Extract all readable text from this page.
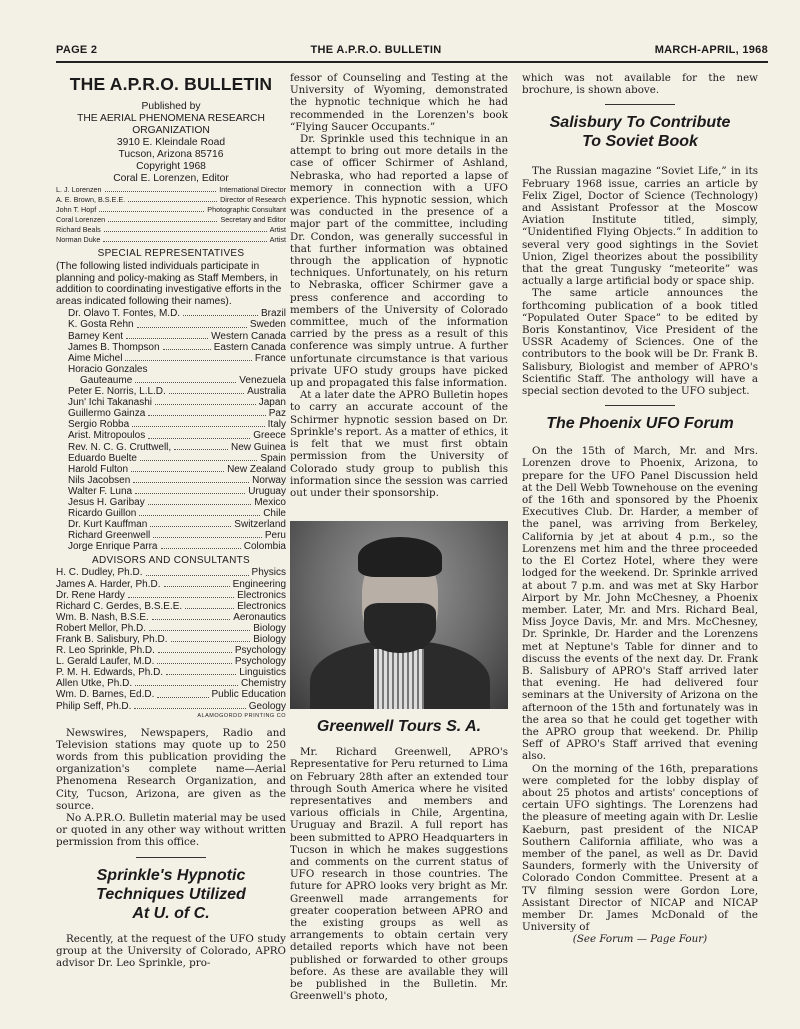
PAGE 2	THE A.P.R.O. BULLETIN	MARCH-APRIL, 1968
THE A.P.R.O. BULLETIN
Published by
THE AERIAL PHENOMENA RESEARCH
ORGANIZATION
3910 E. Kleindale Road
Tucson, Arizona 85716
Copyright 1968
Coral E. Lorenzen, Editor
L. J. Lorenzen	International Director
A. E. Brown, B.S.E.E.	Director of Research
John T. Hopf	Photographic Consultant
Coral Lorenzen	Secretary and Editor
Richard Beals	Artist
Norman Duke	Artist
SPECIAL REPRESENTATIVES
(The following listed individuals participate in planning and policy-making as Staff Members, in addition to coordinating investigative efforts in the areas indicated following their names).
Dr. Olavo T. Fontes, M.D.	Brazil
K. Gosta Rehn	Sweden
Barney Kent	Western Canada
James B. Thompson	Eastern Canada
Aime Michel	France
Horacio Gonzales
Gauteaume	Venezuela
Peter E. Norris, L.L.D.	Australia
Jun' Ichi Takanashi	Japan
Guillermo Gainza	Paz
Sergio Robba	Italy
Arist. Mitropoulos	Greece
Rev. N. C. G. Cruttwell,	New Guinea
Eduardo Buelte	Spain
Harold Fulton	New Zealand
Nils Jacobsen	Norway
Walter F. Luna	Uruguay
Jesus H. Garibay	Mexico
Ricardo Guillon	Chile
Dr. Kurt Kauffman	Switzerland
Richard Greenwell	Peru
Jorge Enrique Parra	Colombia
ADVISORS AND CONSULTANTS
H. C. Dudley, Ph.D.	Physics
James A. Harder, Ph.D.	Engineering
Dr. Rene Hardy	Electronics
Richard C. Gerdes, B.S.E.E.	Electronics
Wm. B. Nash, B.S.E.	Aeronautics
Robert Mellor, Ph.D.	Biology
Frank B. Salisbury, Ph.D.	Biology
R. Leo Sprinkle, Ph.D.	Psychology
L. Gerald Laufer, M.D.	Psychology
P. M. H. Edwards, Ph.D.	Linguistics
Allen Utke, Ph.D.	Chemistry
Wm. D. Barnes, Ed.D.	Public Education
Philip Seff, Ph.D.	Geology
ALAMOGORDO PRINTING CO

Newswires, Newspapers, Radio and Television stations may quote up to 250 words from this publication providing the organization's complete name—Aerial Phenomena Research Organization, and City, Tucson, Arizona, are given as the source.

No A.P.R.O. Bulletin material may be used or quoted in any other way without written permission from this office.

Sprinkle's Hypnotic Techniques Utilized At U. of C.

Recently, at the request of the UFO study group at the University of Colorado, APRO advisor Dr. Leo Sprinkle, pro-

fessor of Counseling and Testing at the University of Wyoming, demonstrated the hypnotic technique which he had recommended in the Lorenzen's book “Flying Saucer Occupants.”

Dr. Sprinkle used this technique in an attempt to bring out more details in the case of officer Schirmer of Ashland, Nebraska, who had reported a lapse of memory in connection with a UFO experience. This hypnotic session, which was conducted in the presence of a major part of the committee, including Dr. Condon, was generally successful in that further information was obtained through the application of hypnotic techniques. Unfortunately, on his return to Nebraska, officer Schirmer gave a press conference and according to members of the University of Colorado committee, much of the information carried by the press as a result of this conference was simply untrue. A further unfortunate circumstance is that various private UFO study groups have picked up and propagated this false information.

At a later date the APRO Bulletin hopes to carry an accurate account of the Schirmer hypnotic session based on Dr. Sprinkle's report. As a matter of ethics, it is felt that we must first obtain permission from the University of Colorado study group to publish this information since the session was carried out under their sponsorship.

Greenwell Tours S. A.

Mr. Richard Greenwell, APRO's Representative for Peru returned to Lima on February 28th after an extended tour through South America where he visited representatives and members and various officials in Chile, Argentina, Uruguay and Brazil. A full report has been submitted to APRO Headquarters in Tucson in which he makes suggestions and comments on the current status of UFO research in those countries. The future for APRO looks very bright as Mr. Greenwell made arrangements for greater cooperation between APRO and the existing groups as well as arrangements to obtain certain very detailed reports which have not been published or forwarded to other groups before. As these are available they will be published in the Bulletin. Mr. Greenwell's photo,

which was not available for the new brochure, is shown above.

Salisbury To Contribute To Soviet Book

The Russian magazine “Soviet Life,” in its February 1968 issue, carries an article by Felix Zigel, Doctor of Science (Technology) and Assistant Professor at the Moscow Aviation Institute titled, simply, “Unidentified Flying Objects.” In addition to several very good sightings in the Soviet Union, Zigel theorizes about the possibility that the great Tungusky “meteorite” was actually a large artificial body or space ship.

The same article announces the forthcoming publication of a book titled “Populated Outer Space” to be edited by Boris Konstantinov, Vice President of the USSR Academy of Sciences. One of the contributors to the book will be Dr. Frank B. Salisbury, Biologist and member of APRO's Scientific Staff. The anthology will have a special section devoted to the UFO subject.

The Phoenix UFO Forum

On the 15th of March, Mr. and Mrs. Lorenzen drove to Phoenix, Arizona, to prepare for the UFO Panel Discussion held at the Dell Webb Townehouse on the evening of the 16th and sponsored by the Phoenix Executives Club. Dr. Harder, a member of the panel, was arriving from Berkeley, California by jet at about 4 p.m., so the Lorenzens met him and the three proceeded to the El Cortez Hotel, where they were lodged for the weekend. Dr. Sprinkle arrived at about 7 p.m. and was met at Sky Harbor Airport by Mr. John McChesney, a Phoenix member. Later, Mr. and Mrs. Richard Beal, Miss Joyce Davis, Mr. and Mrs. McChesney, Dr. Sprinkle, Dr. Harder and the Lorenzens met at Neptune's Table for dinner and to discuss the events of the next day. Dr. Frank B. Salisbury of APRO's Staff arrived later that evening. He had delivered four seminars at the University of Arizona on the afternoon of the 15th and fortunately was in the area so that he could get together with the APRO group that weekend. Dr. Philip Seff of APRO's Staff arrived that evening also.

On the morning of the 16th, preparations were completed for the lobby display of about 25 photos and artists' conceptions of certain UFO sightings. The Lorenzens had the pleasure of meeting again with Dr. Leslie Kaeburn, past president of the NICAP Southern California affiliate, who was a member of the panel, as well as Dr. David Saunders, formerly with the University of Colorado Condon Committee. Present at a TV filming session were Gordon Lore, Assistant Director of NICAP and NICAP member Dr. James McDonald of the University of

(See Forum — Page Four)
